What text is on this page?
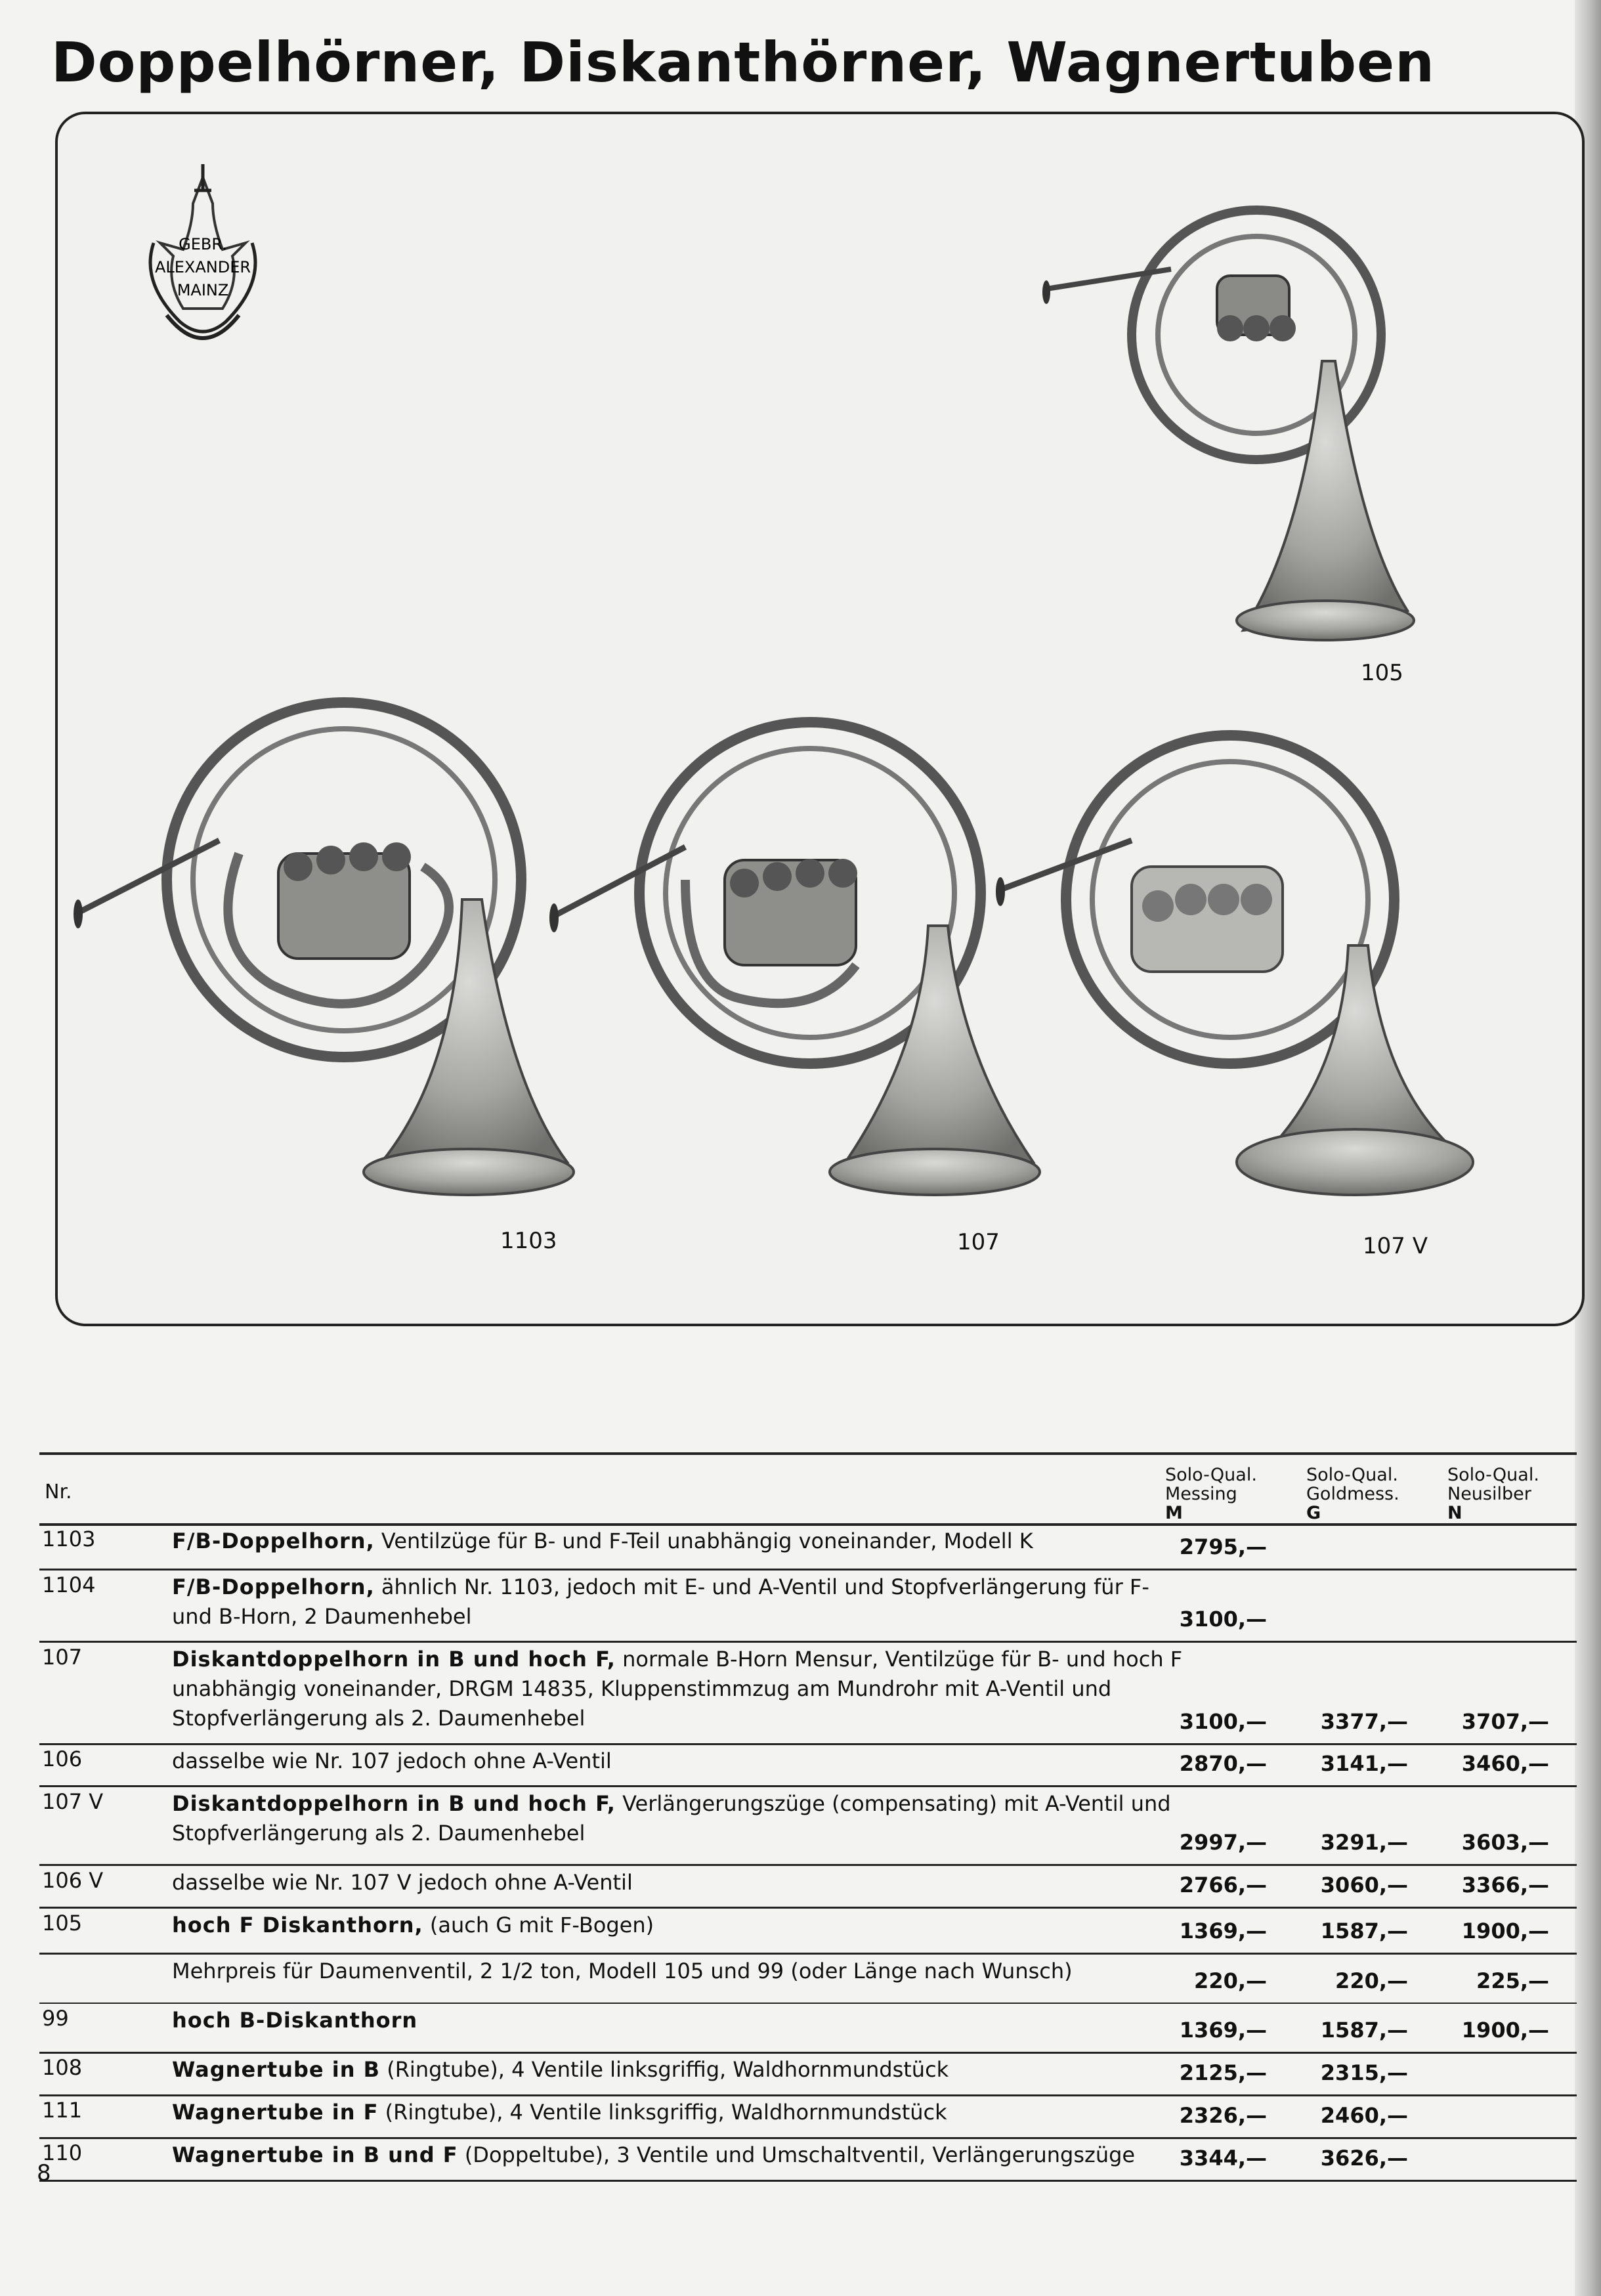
Doppelhörner, Diskanthörner, Wagnertuben
GEBR.
ALEXANDER
MAINZ
105
1103	107	107 V
Nr.
Solo-Qual.
Messing
M
Solo-Qual.
Goldmess.
G
Solo-Qual.
Neusilber
N
1103	F/B-Doppelhorn, Ventilzüge für B- und F-Teil unabhängig voneinander, Modell K	2795,—
1104	F/B-Doppelhorn, ähnlich Nr. 1103, jedoch mit E- und A-Ventil und Stopfverlängerung für F-und B-Horn, 2 Daumenhebel	3100,—
107	Diskantdoppelhorn in B und hoch F, normale B-Horn Mensur, Ventilzüge für B- und hoch F unabhängig voneinander, DRGM 14835, Kluppenstimmzug am Mundrohr mit A-Ventil und Stopfverlängerung als 2. Daumenhebel	3100,—	3377,—	3707,—
106	dasselbe wie Nr. 107 jedoch ohne A-Ventil	2870,—	3141,—	3460,—
107 V	Diskantdoppelhorn in B und hoch F, Verlängerungszüge (compensating) mit A-Ventil und Stopfverlängerung als 2. Daumenhebel	2997,—	3291,—	3603,—
106 V	dasselbe wie Nr. 107 V jedoch ohne A-Ventil	2766,—	3060,—	3366,—
105	hoch F Diskanthorn, (auch G mit F-Bogen)	1369,—	1587,—	1900,—
Mehrpreis für Daumenventil, 2 1/2 ton, Modell 105 und 99 (oder Länge nach Wunsch)	220,—	220,—	225,—
99	hoch B-Diskanthorn	1369,—	1587,—	1900,—
108	Wagnertube in B (Ringtube), 4 Ventile linksgriffig, Waldhornmundstück	2125,—	2315,—
111	Wagnertube in F (Ringtube), 4 Ventile linksgriffig, Waldhornmundstück	2326,—	2460,—
110	Wagnertube in B und F (Doppeltube), 3 Ventile und Umschaltventil, Verlängerungszüge	3344,—	3626,—
8
